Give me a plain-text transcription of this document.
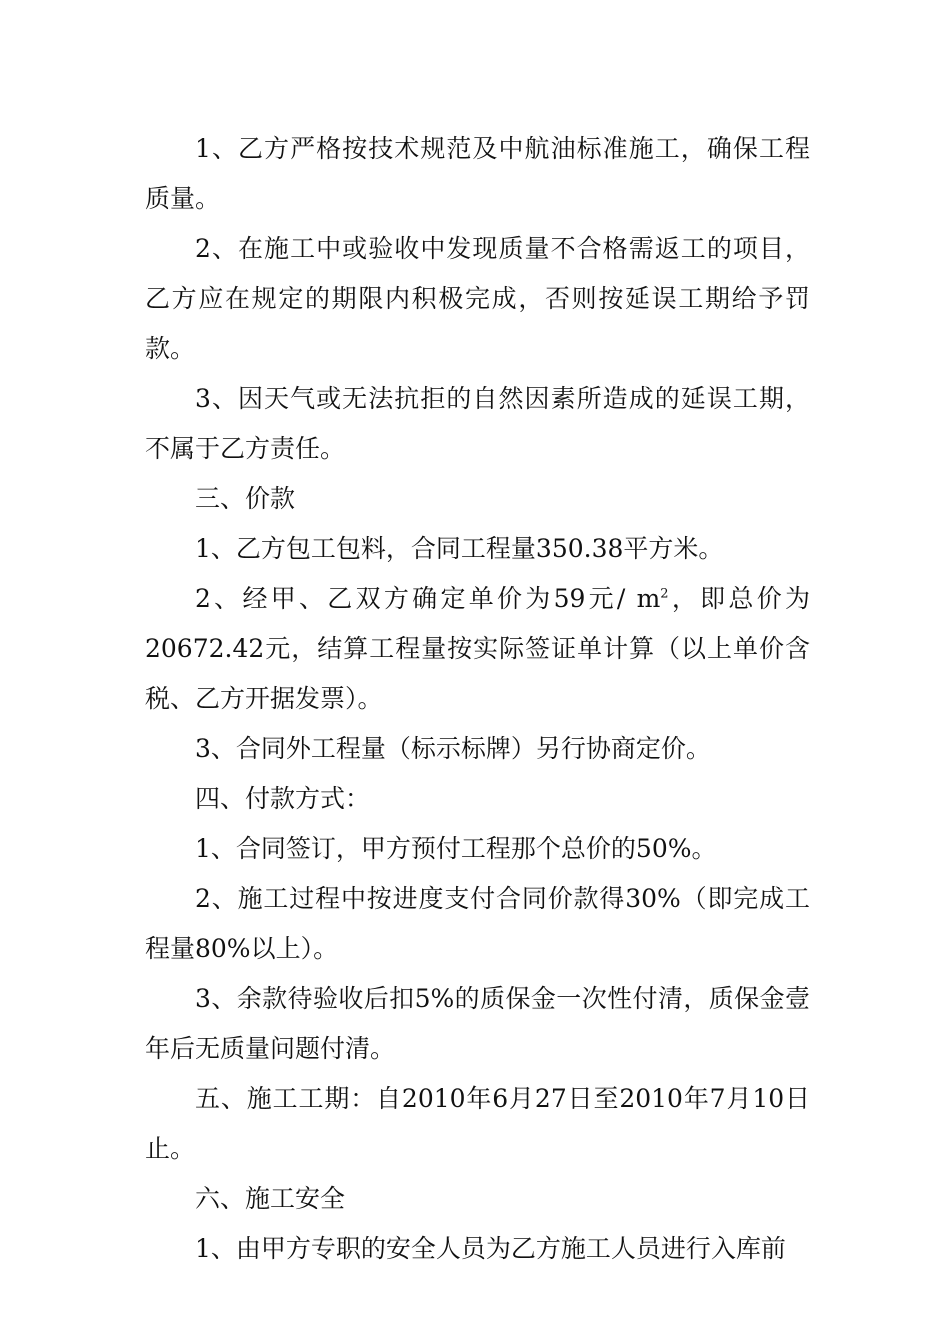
1、乙方严格按技术规范及中航油标准施工，确保工程质量。

2、在施工中或验收中发现质量不合格需返工的项目，乙方应在规定的期限内积极完成，否则按延误工期给予罚款。

3、因天气或无法抗拒的自然因素所造成的延误工期，不属于乙方责任。

三、价款

1、乙方包工包料，合同工程量350.38平方米。

2、经甲、乙双方确定单价为59元/ $m^2$，即总价为20672.42元，结算工程量按实际签证单计算（以上单价含税、乙方开据发票）。

3、合同外工程量（标示标牌）另行协商定价。

四、付款方式：

1、合同签订，甲方预付工程那个总价的50%。

2、施工过程中按进度支付合同价款得30%（即完成工程量80%以上）。

3、余款待验收后扣5%的质保金一次性付清，质保金壹年后无质量问题付清。

五、施工工期：自2010年6月27日至2010年7月10日止。

六、施工安全

1、由甲方专职的安全人员为乙方施工人员进行入库前
